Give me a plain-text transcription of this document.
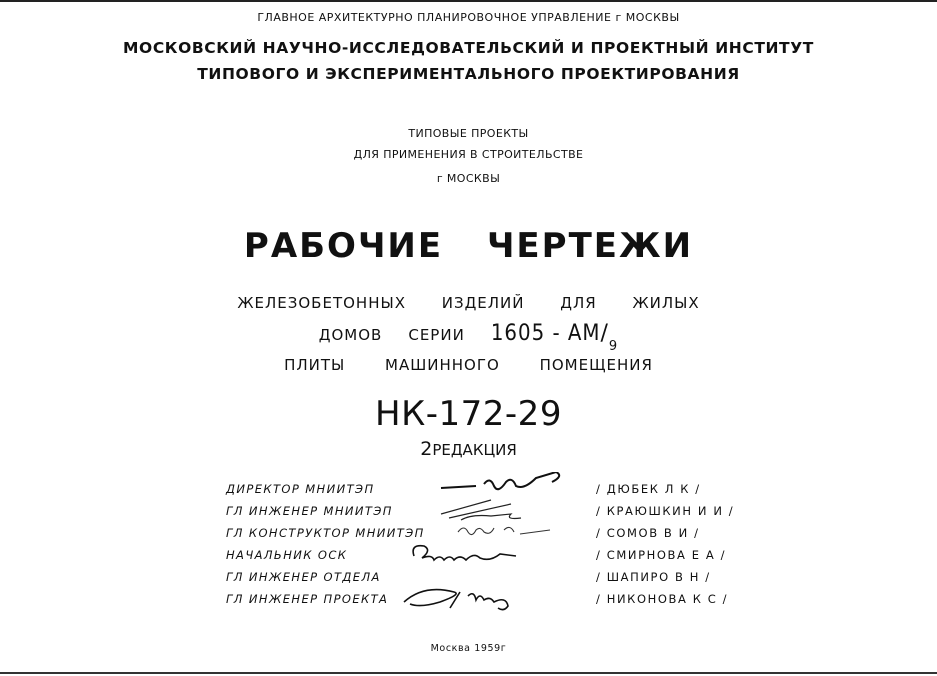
ГЛАВНОЕ АРХИТЕКТУРНО ПЛАНИРОВОЧНОЕ УПРАВЛЕНИЕ г МОСКВЫ
МОСКОВСКИЙ НАУЧНО-ИССЛЕДОВАТЕЛЬСКИЙ И ПРОЕКТНЫЙ ИНСТИТУТ
ТИПОВОГО И ЭКСПЕРИМЕНТАЛЬНОГО ПРОЕКТИРОВАНИЯ
ТИПОВЫЕ ПРОЕКТЫ
ДЛЯ ПРИМЕНЕНИЯ В СТРОИТЕЛЬСТВЕ
г МОСКВЫ
РАБОЧИЕ ЧЕРТЕЖИ
ЖЕЛЕЗОБЕТОННЫХ ИЗДЕЛИЙ ДЛЯ ЖИЛЫХ
ДОМОВ СЕРИИ 1605 - АМ/9
ПЛИТЫ МАШИННОГО ПОМЕЩЕНИЯ
НК-172-29
2РЕДАКЦИЯ
ДИРЕКТОР МНИИТЭП	/ ДЮБЕК Л К /
ГЛ ИНЖЕНЕР МНИИТЭП	/ КРАЮШКИН И И /
ГЛ КОНСТРУКТОР МНИИТЭП	/ СОМОВ В И /
НАЧАЛЬНИК ОСК	/ СМИРНОВА Е А /
ГЛ ИНЖЕНЕР ОТДЕЛА	/ ШАПИРО В Н /
ГЛ ИНЖЕНЕР ПРОЕКТА	/ НИКОНОВА К С /
Москва 1959г
